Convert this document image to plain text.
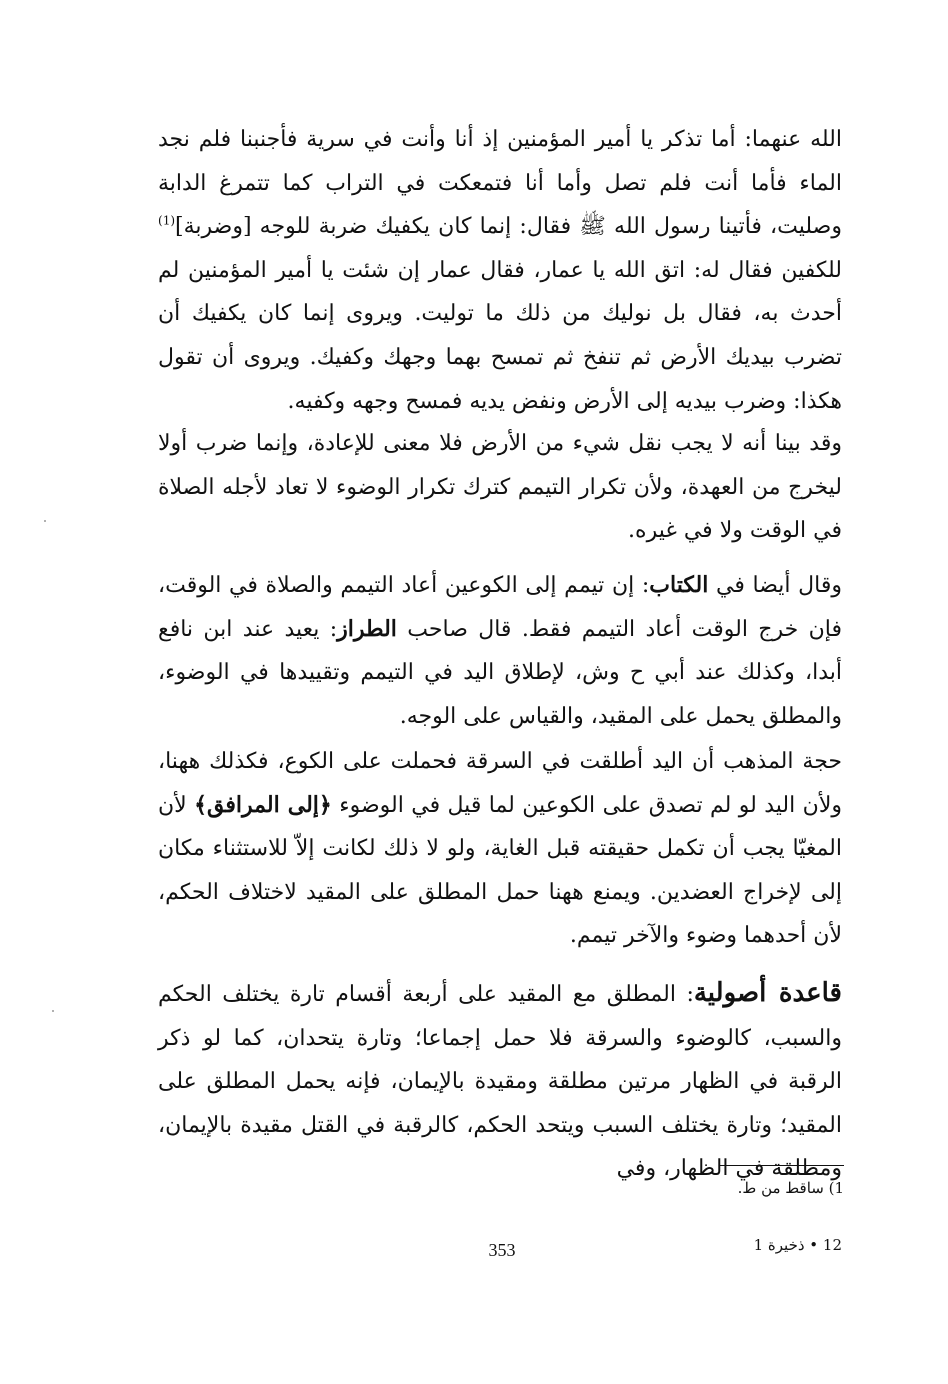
الله عنهما: أما تذكر يا أمير المؤمنين إذ أنا وأنت في سرية فأجنبنا فلم نجد الماء فأما أنت فلم تصل وأما أنا فتمعكت في التراب كما تتمرغ الدابة وصليت، فأتينا رسول الله ﷺ فقال: إنما كان يكفيك ضربة للوجه [وضربة]$^{(1)}$ للكفين فقال له: اتق الله يا عمار، فقال عمار إن شئت يا أمير المؤمنين لم أحدث به، فقال بل نوليك من ذلك ما توليت. ويروى إنما كان يكفيك أن تضرب بيديك الأرض ثم تنفخ ثم تمسح بهما وجهك وكفيك. ويروى أن تقول هكذا: وضرب بيديه إلى الأرض ونفض يديه فمسح وجهه وكفيه.

وقد بينا أنه لا يجب نقل شيء من الأرض فلا معنى للإعادة، وإنما ضرب أولا ليخرج من العهدة، ولأن تكرار التيمم كترك تكرار الوضوء لا تعاد لأجله الصلاة في الوقت ولا في غيره.

وقال أيضا في الكتاب: إن تيمم إلى الكوعين أعاد التيمم والصلاة في الوقت، فإن خرج الوقت أعاد التيمم فقط. قال صاحب الطراز: يعيد عند ابن نافع أبدا، وكذلك عند أبي ح وش، لإطلاق اليد في التيمم وتقييدها في الوضوء، والمطلق يحمل على المقيد، والقياس على الوجه.

حجة المذهب أن اليد أطلقت في السرقة فحملت على الكوع، فكذلك ههنا، ولأن اليد لو لم تصدق على الكوعين لما قيل في الوضوء ﴿إلى المرافق﴾ لأن المغيّا يجب أن تكمل حقيقته قبل الغاية، ولو لا ذلك لكانت إلاّ للاستثناء مكان إلى لإخراج العضدين. ويمنع ههنا حمل المطلق على المقيد لاختلاف الحكم، لأن أحدهما وضوء والآخر تيمم.

قاعدة أصولية: المطلق مع المقيد على أربعة أقسام تارة يختلف الحكم والسبب، كالوضوء والسرقة فلا حمل إجماعا؛ وتارة يتحدان، كما لو ذكر الرقبة في الظهار مرتين مطلقة ومقيدة بالإيمان، فإنه يحمل المطلق على المقيد؛ وتارة يختلف السبب ويتحد الحكم، كالرقبة في القتل مقيدة بالإيمان، ومطلقة في الظهار، وفي

1) ساقط من ط.

12 • ذخيرة 1
353
